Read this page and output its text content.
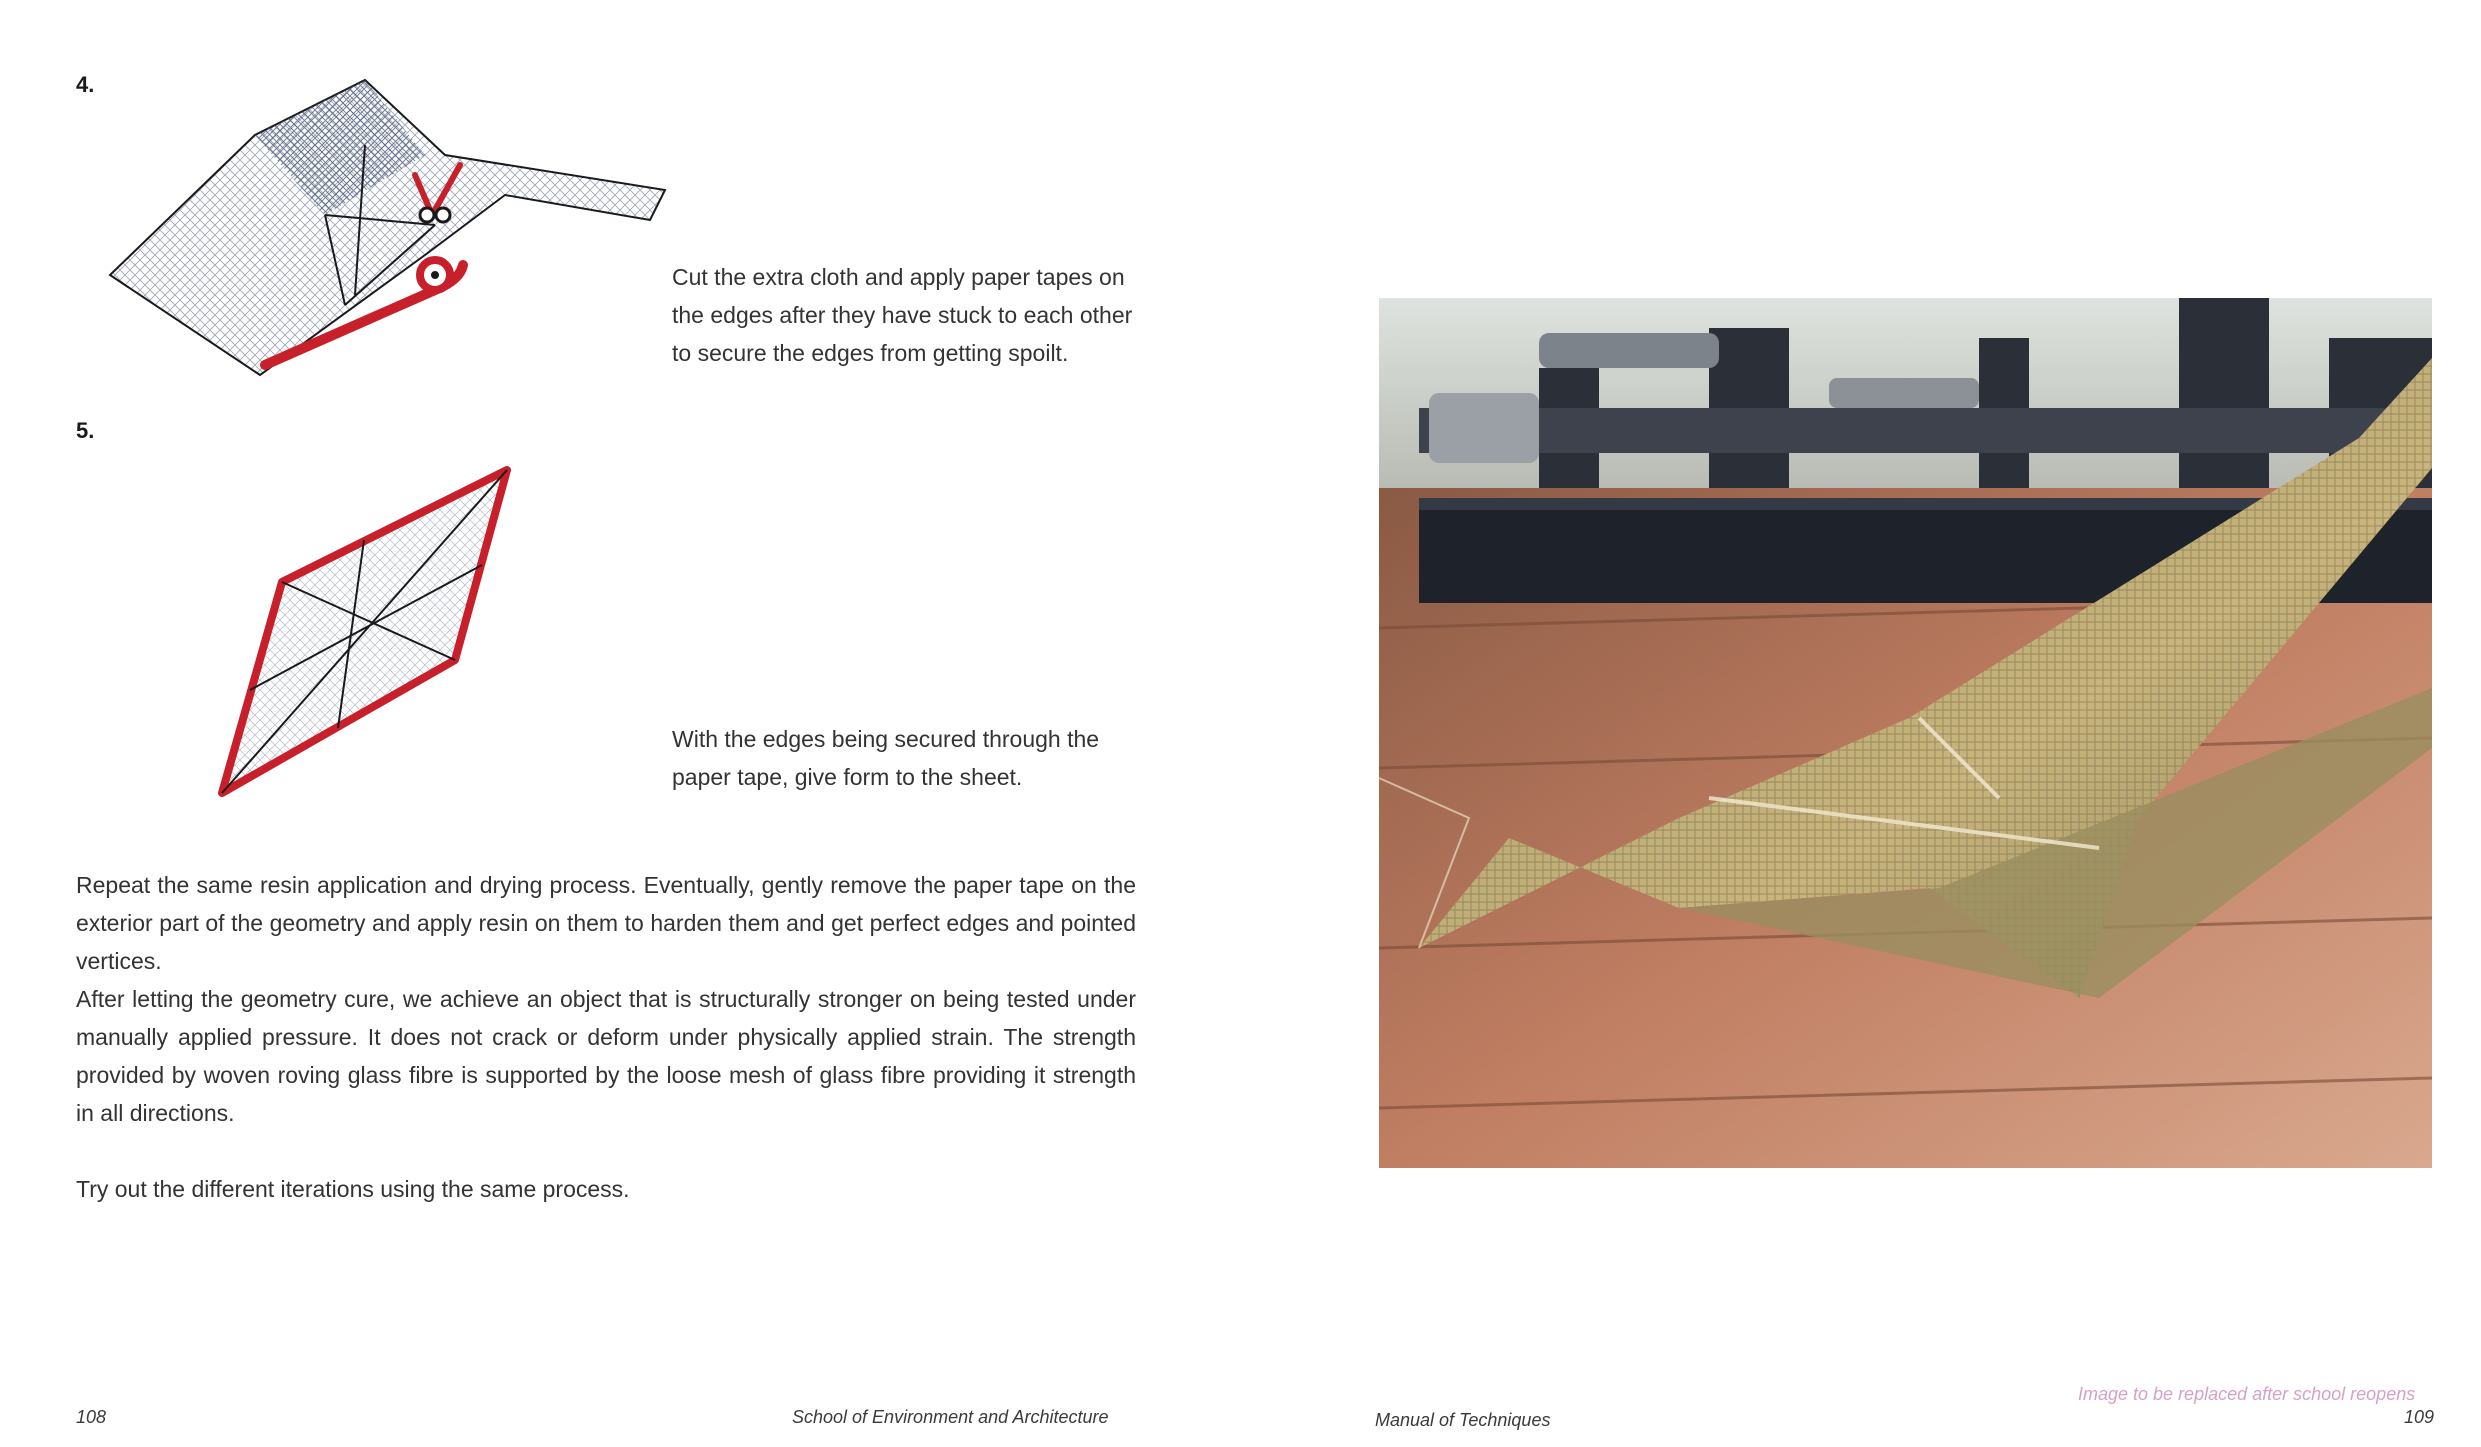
4.
Cut the extra cloth and apply paper tapes on the edges after they have stuck to each other to secure the edges from getting spoilt.
5.
With the edges being secured through the paper tape, give form to the sheet.

Repeat the same resin application and drying process. Eventually, gently remove the paper tape on the exterior part of the geometry and apply resin on them to harden them and get perfect edges and pointed vertices.

After letting the geometry cure, we achieve an object that is structurally stronger on being tested under manually applied pressure. It does not crack or deform under physically applied strain. The strength provided by woven roving glass fibre is supported by the loose mesh of glass fibre providing it strength in all directions.

Try out the different iterations using the same process.

108	School of Environment and Architecture
Image to be replaced after school reopens
Manual of Techniques	109
